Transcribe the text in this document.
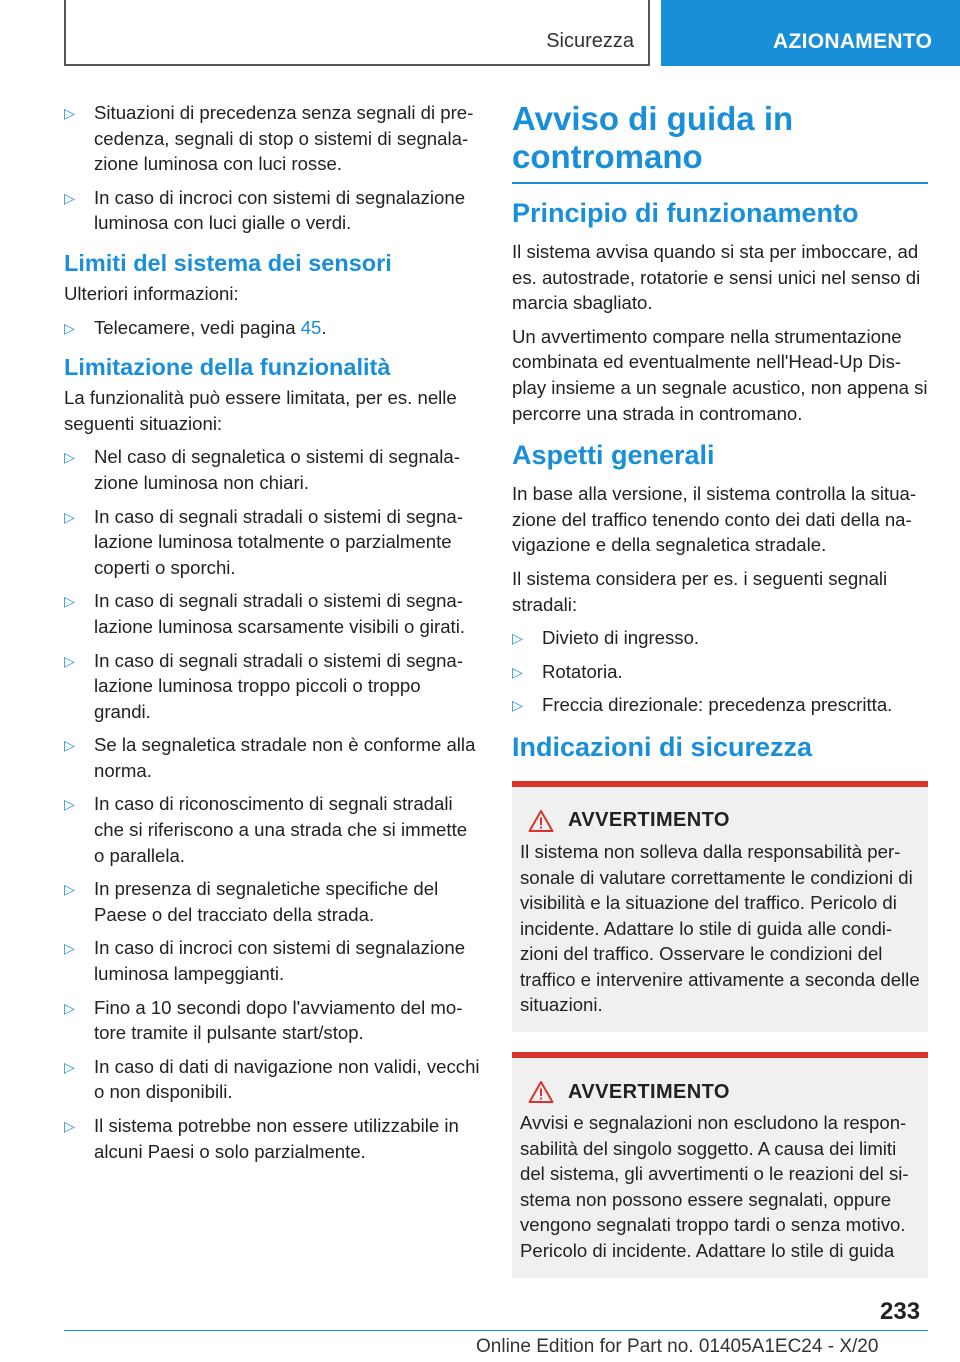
Sicurezza	AZIONAMENTO
▷ Situazioni di precedenza senza segnali di precedenza, segnali di stop o sistemi di segnalazione luminosa con luci rosse.
▷ In caso di incroci con sistemi di segnalazione luminosa con luci gialle o verdi.
Limiti del sistema dei sensori
Ulteriori informazioni:
▷ Telecamere, vedi pagina 45.
Limitazione della funzionalità
La funzionalità può essere limitata, per es. nelle seguenti situazioni:
▷ Nel caso di segnaletica o sistemi di segnalazione luminosa non chiari.
▷ In caso di segnali stradali o sistemi di segnalazione luminosa totalmente o parzialmente coperti o sporchi.
▷ In caso di segnali stradali o sistemi di segnalazione luminosa scarsamente visibili o girati.
▷ In caso di segnali stradali o sistemi di segnalazione luminosa troppo piccoli o troppo grandi.
▷ Se la segnaletica stradale non è conforme alla norma.
▷ In caso di riconoscimento di segnali stradali che si riferiscono a una strada che si immette o parallela.
▷ In presenza di segnaletiche specifiche del Paese o del tracciato della strada.
▷ In caso di incroci con sistemi di segnalazione luminosa lampeggianti.
▷ Fino a 10 secondi dopo l'avviamento del motore tramite il pulsante start/stop.
▷ In caso di dati di navigazione non validi, vecchi o non disponibili.
▷ Il sistema potrebbe non essere utilizzabile in alcuni Paesi o solo parzialmente.
Avviso di guida in contromano
Principio di funzionamento
Il sistema avvisa quando si sta per imboccare, ad es. autostrade, rotatorie e sensi unici nel senso di marcia sbagliato.
Un avvertimento compare nella strumentazione combinata ed eventualmente nell'Head-Up Display insieme a un segnale acustico, non appena si percorre una strada in contromano.
Aspetti generali
In base alla versione, il sistema controlla la situazione del traffico tenendo conto dei dati della navigazione e della segnaletica stradale.
Il sistema considera per es. i seguenti segnali stradali:
▷ Divieto di ingresso.
▷ Rotatoria.
▷ Freccia direzionale: precedenza prescritta.
Indicazioni di sicurezza
AVVERTIMENTO
Il sistema non solleva dalla responsabilità personale di valutare correttamente le condizioni di visibilità e la situazione del traffico. Pericolo di incidente. Adattare lo stile di guida alle condizioni del traffico. Osservare le condizioni del traffico e intervenire attivamente a seconda delle situazioni.
AVVERTIMENTO
Avvisi e segnalazioni non escludono la responsabilità del singolo soggetto. A causa dei limiti del sistema, gli avvertimenti o le reazioni del sistema non possono essere segnalati, oppure vengono segnalati troppo tardi o senza motivo. Pericolo di incidente. Adattare lo stile di guida
233
Online Edition for Part no. 01405A1EC24 - X/20
